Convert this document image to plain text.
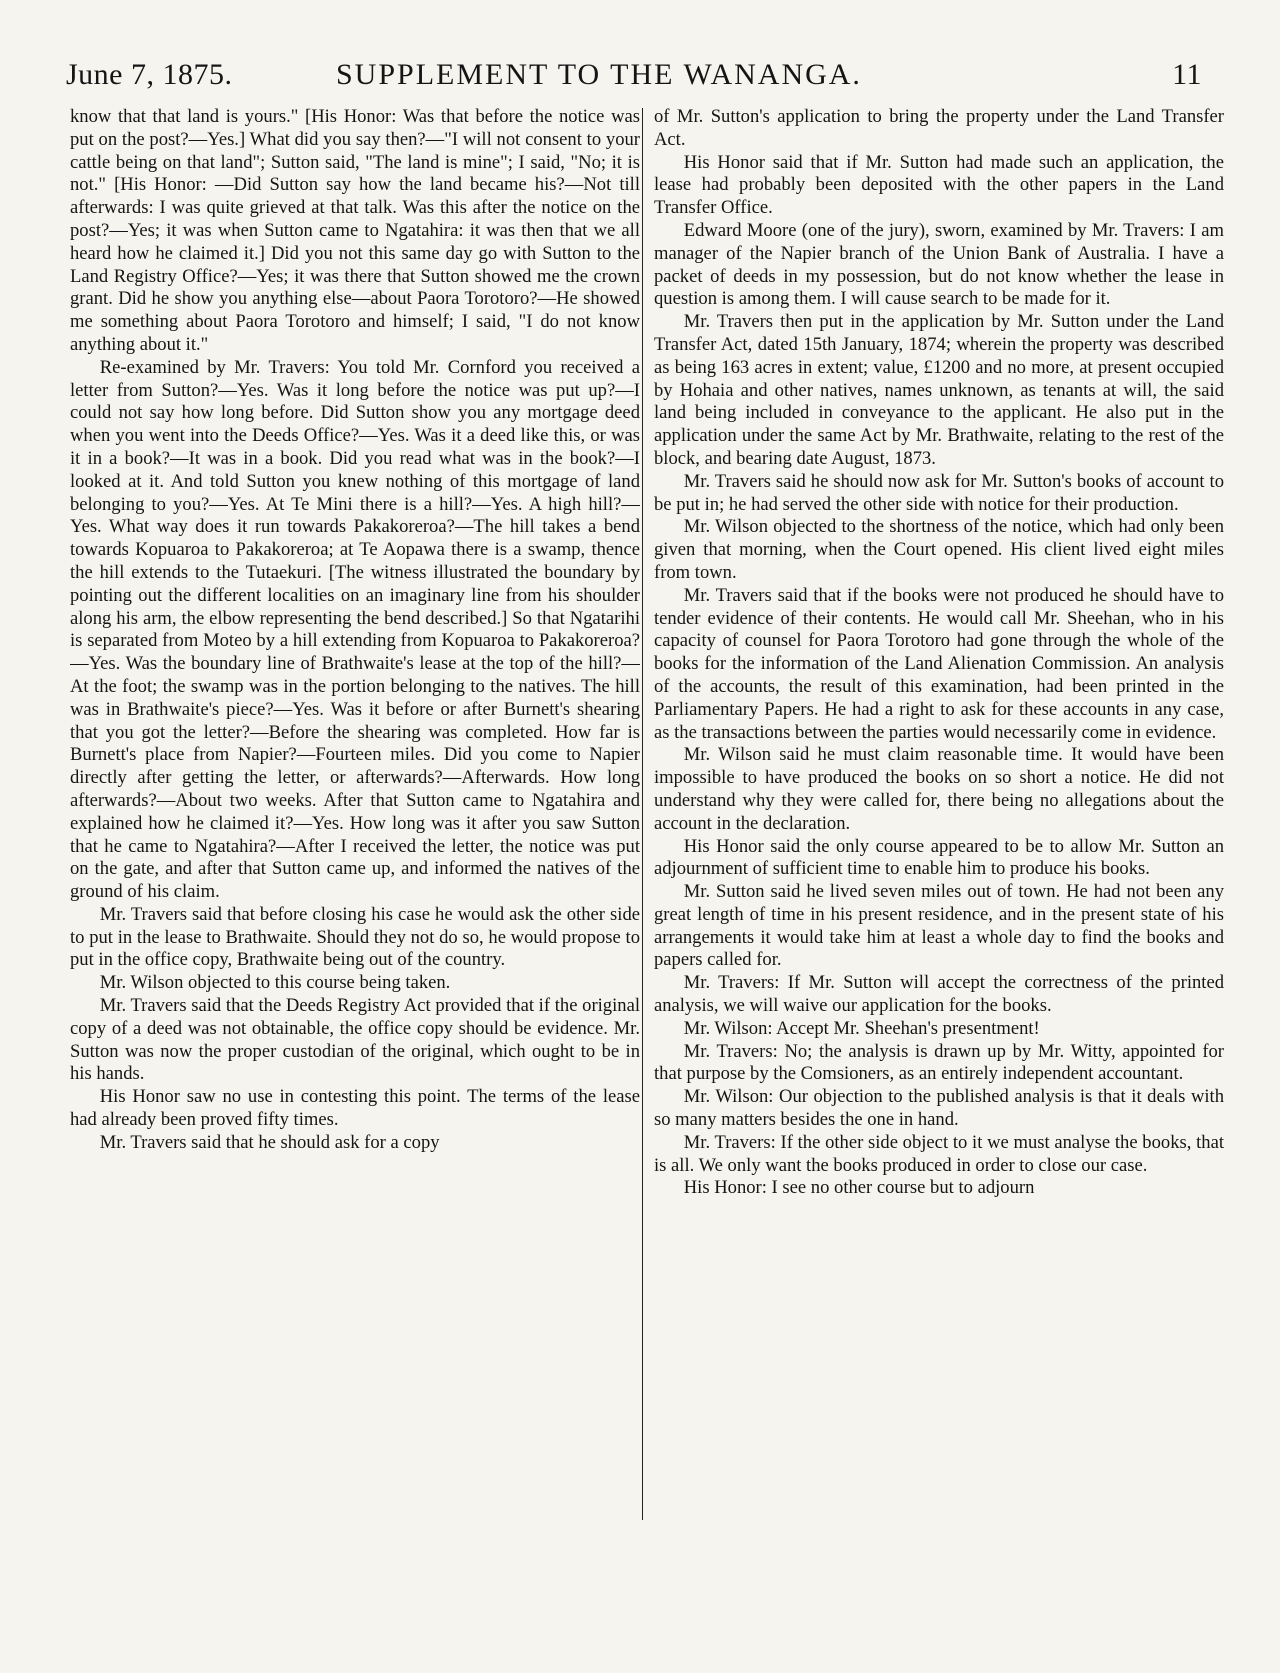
June 7, 1875.	SUPPLEMENT TO THE WANANGA.	11

know that that land is yours." [His Honor: Was that before the notice was put on the post?—Yes.] What did you say then?—"I will not consent to your cattle being on that land"; Sutton said, "The land is mine"; I said, "No; it is not." [His Honor: —Did Sutton say how the land became his?—Not till afterwards: I was quite grieved at that talk. Was this after the notice on the post?—Yes; it was when Sutton came to Ngatahira: it was then that we all heard how he claimed it.] Did you not this same day go with Sutton to the Land Registry Office?—Yes; it was there that Sutton showed me the crown grant. Did he show you anything else—about Paora Torotoro?—He showed me something about Paora Torotoro and himself; I said, "I do not know anything about it."

Re-examined by Mr. Travers: You told Mr. Cornford you received a letter from Sutton?—Yes. Was it long before the notice was put up?—I could not say how long before. Did Sutton show you any mortgage deed when you went into the Deeds Office?—Yes. Was it a deed like this, or was it in a book?—It was in a book. Did you read what was in the book?—I looked at it. And told Sutton you knew nothing of this mortgage of land belonging to you?—Yes. At Te Mini there is a hill?—Yes. A high hill?—Yes. What way does it run towards Pakakoreroa?—The hill takes a bend towards Kopuaroa to Pakakoreroa; at Te Aopawa there is a swamp, thence the hill extends to the Tutaekuri. [The witness illustrated the boundary by pointing out the different localities on an imaginary line from his shoulder along his arm, the elbow representing the bend described.] So that Ngatarihi is separated from Moteo by a hill extending from Kopuaroa to Pakakoreroa?—Yes. Was the boundary line of Brathwaite's lease at the top of the hill?—At the foot; the swamp was in the portion belonging to the natives. The hill was in Brathwaite's piece?—Yes. Was it before or after Burnett's shearing that you got the letter?—Before the shearing was completed. How far is Burnett's place from Napier?—Fourteen miles. Did you come to Napier directly after getting the letter, or afterwards?—Afterwards. How long afterwards?—About two weeks. After that Sutton came to Ngatahira and explained how he claimed it?—Yes. How long was it after you saw Sutton that he came to Ngatahira?—After I received the letter, the notice was put on the gate, and after that Sutton came up, and informed the natives of the ground of his claim.

Mr. Travers said that before closing his case he would ask the other side to put in the lease to Brathwaite. Should they not do so, he would propose to put in the office copy, Brathwaite being out of the country.

Mr. Wilson objected to this course being taken.

Mr. Travers said that the Deeds Registry Act provided that if the original copy of a deed was not obtainable, the office copy should be evidence. Mr. Sutton was now the proper custodian of the original, which ought to be in his hands.

His Honor saw no use in contesting this point. The terms of the lease had already been proved fifty times.

Mr. Travers said that he should ask for a copy

of Mr. Sutton's application to bring the property under the Land Transfer Act.

His Honor said that if Mr. Sutton had made such an application, the lease had probably been deposited with the other papers in the Land Transfer Office.

Edward Moore (one of the jury), sworn, examined by Mr. Travers: I am manager of the Napier branch of the Union Bank of Australia. I have a packet of deeds in my possession, but do not know whether the lease in question is among them. I will cause search to be made for it.

Mr. Travers then put in the application by Mr. Sutton under the Land Transfer Act, dated 15th January, 1874; wherein the property was described as being 163 acres in extent; value, £1200 and no more, at present occupied by Hohaia and other natives, names unknown, as tenants at will, the said land being included in conveyance to the applicant. He also put in the application under the same Act by Mr. Brathwaite, relating to the rest of the block, and bearing date August, 1873.

Mr. Travers said he should now ask for Mr. Sutton's books of account to be put in; he had served the other side with notice for their production.

Mr. Wilson objected to the shortness of the notice, which had only been given that morning, when the Court opened. His client lived eight miles from town.

Mr. Travers said that if the books were not produced he should have to tender evidence of their contents. He would call Mr. Sheehan, who in his capacity of counsel for Paora Torotoro had gone through the whole of the books for the information of the Land Alienation Commission. An analysis of the accounts, the result of this examination, had been printed in the Parliamentary Papers. He had a right to ask for these accounts in any case, as the transactions between the parties would necessarily come in evidence.

Mr. Wilson said he must claim reasonable time. It would have been impossible to have produced the books on so short a notice. He did not understand why they were called for, there being no allegations about the account in the declaration.

His Honor said the only course appeared to be to allow Mr. Sutton an adjournment of sufficient time to enable him to produce his books.

Mr. Sutton said he lived seven miles out of town. He had not been any great length of time in his present residence, and in the present state of his arrangements it would take him at least a whole day to find the books and papers called for.

Mr. Travers: If Mr. Sutton will accept the correctness of the printed analysis, we will waive our application for the books.

Mr. Wilson: Accept Mr. Sheehan's presentment!

Mr. Travers: No; the analysis is drawn up by Mr. Witty, appointed for that purpose by the Comsioners, as an entirely independent accountant.

Mr. Wilson: Our objection to the published analysis is that it deals with so many matters besides the one in hand.

Mr. Travers: If the other side object to it we must analyse the books, that is all. We only want the books produced in order to close our case.

His Honor: I see no other course but to adjourn
